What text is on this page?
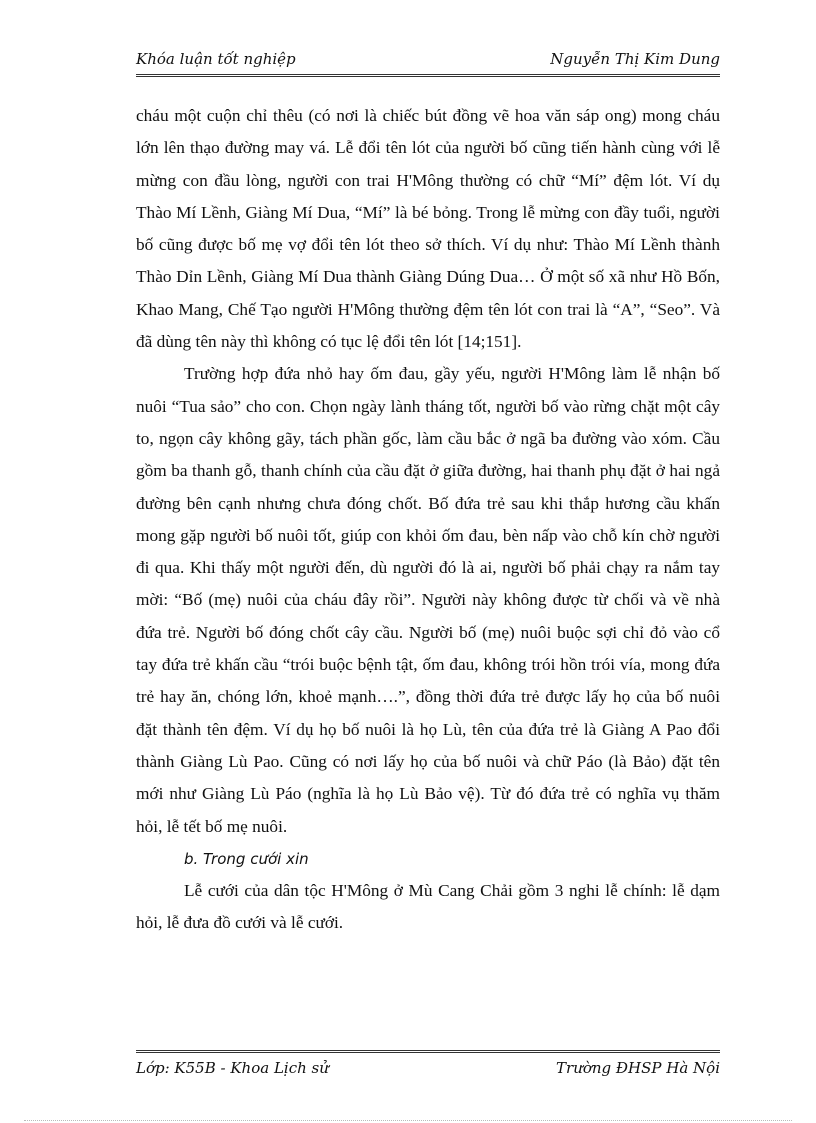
Khóa luận tốt nghiệp	Nguyễn Thị Kim Dung

cháu một cuộn chỉ thêu (có nơi là chiếc bút đồng vẽ hoa văn sáp ong) mong cháu lớn lên thạo đường may vá. Lễ đổi tên lót của người bố cũng tiến hành cùng với lễ mừng con đầu lòng, người con trai H'Mông thường có chữ “Mí” đệm lót. Ví dụ Thào Mí Lềnh, Giàng Mí Dua, “Mí” là bé bỏng. Trong lễ mừng con đầy tuổi, người bố cũng được bố mẹ vợ đổi tên lót theo sở thích. Ví dụ như: Thào Mí Lềnh thành Thào Dỉn Lềnh, Giàng Mí Dua thành Giàng Dúng Dua… Ở một số xã như Hồ Bốn, Khao Mang, Chế Tạo người H'Mông thường đệm tên lót con trai là “A”, “Seo”. Và đã dùng tên này thì không có tục lệ đổi tên lót [14;151].

Trường hợp đứa nhỏ hay ốm đau, gầy yếu, người H'Mông làm lễ nhận bố nuôi “Tua sảo” cho con. Chọn ngày lành tháng tốt, người bố vào rừng chặt một cây to, ngọn cây không gãy, tách phần gốc, làm cầu bắc ở ngã ba đường vào xóm. Cầu gồm ba thanh gỗ, thanh chính của cầu đặt ở giữa đường, hai thanh phụ đặt ở hai ngả đường bên cạnh nhưng chưa đóng chốt. Bố đứa trẻ sau khi thắp hương cầu khấn mong gặp người bố nuôi tốt, giúp con khỏi ốm đau, bèn nấp vào chỗ kín chờ người đi qua. Khi thấy một người đến, dù người đó là ai, người bố phải chạy ra nắm tay mời: “Bố (mẹ) nuôi của cháu đây rồi”. Người này không được từ chối và về nhà đứa trẻ. Người bố đóng chốt cây cầu. Người bố (mẹ) nuôi buộc sợi chỉ đỏ vào cổ tay đứa trẻ khấn cầu “trói buộc bệnh tật, ốm đau, không trói hồn trói vía, mong đứa trẻ hay ăn, chóng lớn, khoẻ mạnh….”, đồng thời đứa trẻ được lấy họ của bố nuôi đặt thành tên đệm. Ví dụ họ bố nuôi là họ Lù, tên của đứa trẻ là Giàng A Pao đổi thành Giàng Lù Pao. Cũng có nơi lấy họ của bố nuôi và chữ Páo (là Bảo) đặt tên mới như Giàng Lù Páo (nghĩa là họ Lù Bảo vệ). Từ đó đứa trẻ có nghĩa vụ thăm hỏi, lễ tết bố mẹ nuôi.

b. Trong cưới xin

Lễ cưới của dân tộc H'Mông ở Mù Cang Chải gồm 3 nghi lễ chính: lễ dạm hỏi, lễ đưa đồ cưới và lễ cưới.

Lớp: K55B - Khoa Lịch sử	Trường ĐHSP Hà Nội
